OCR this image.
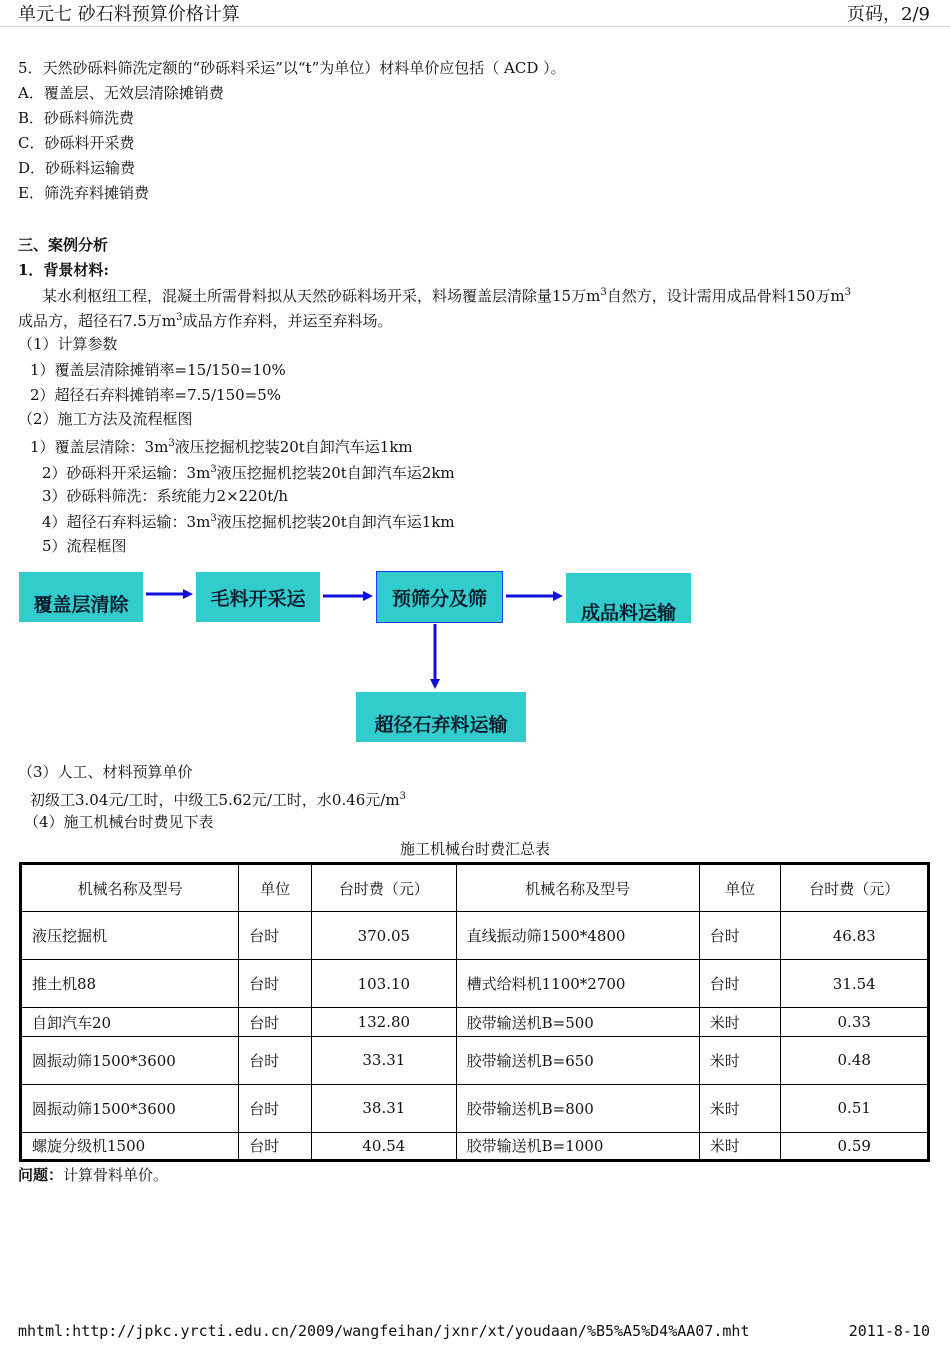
单元七 砂石料预算价格计算	页码，2/9
5．天然砂砾料筛洗定额的“砂砾料采运”以“t”为单位）材料单价应包括（ ACD ）。
A．覆盖层、无效层清除摊销费
B．砂砾料筛洗费
C．砂砾料开采费
D．砂砾料运输费
E．筛洗弃料摊销费
三、案例分析
1．背景材料:
某水利枢纽工程，混凝土所需骨料拟从天然砂砾料场开采，料场覆盖层清除量15万$m^3$自然方，设计需用成品骨料150万$m^3$
成品方，超径石7.5万$m^3$成品方作弃料，并运至弃料场。
（1）计算参数
1）覆盖层清除摊销率=15/150=10%
2）超径石弃料摊销率=7.5/150=5%
（2）施工方法及流程框图
1）覆盖层清除：$3m^3$液压挖掘机挖装20t自卸汽车运1km
2）砂砾料开采运输：$3m^3$液压挖掘机挖装20t自卸汽车运2km
3）砂砾料筛洗：系统能力2×220t/h
4）超径石弃料运输：$3m^3$液压挖掘机挖装20t自卸汽车运1km
5）流程框图
覆盖层清除	毛料开采运	预筛分及筛
成品料运输
超径石弃料运输
（3）人工、材料预算单价
初级工3.04元/工时，中级工5.62元/工时，水0.46元$/m^3$
（4）施工机械台时费见下表
施工机械台时费汇总表
机械名称及型号	单位	台时费（元）	机械名称及型号	单位	台时费（元）
液压挖掘机	台时	370.05	直线振动筛1500*4800	台时	46.83
推土机88	台时	103.10	槽式给料机1100*2700	台时	31.54
自卸汽车20	台时	132.80	胶带输送机B=500	米时	0.33
圆振动筛1500*3600	台时	33.31	胶带输送机B=650	米时	0.48
圆振动筛1500*3600	台时	38.31	胶带输送机B=800	米时	0.51
螺旋分级机1500	台时	40.54	胶带输送机B=1000	米时	0.59
问题：计算骨料单价。
mhtml:http://jpkc.yrcti.edu.cn/2009/wangfeihan/jxnr/xt/youdaan/%B5%A5%D4%AA07.mht	2011-8-10
